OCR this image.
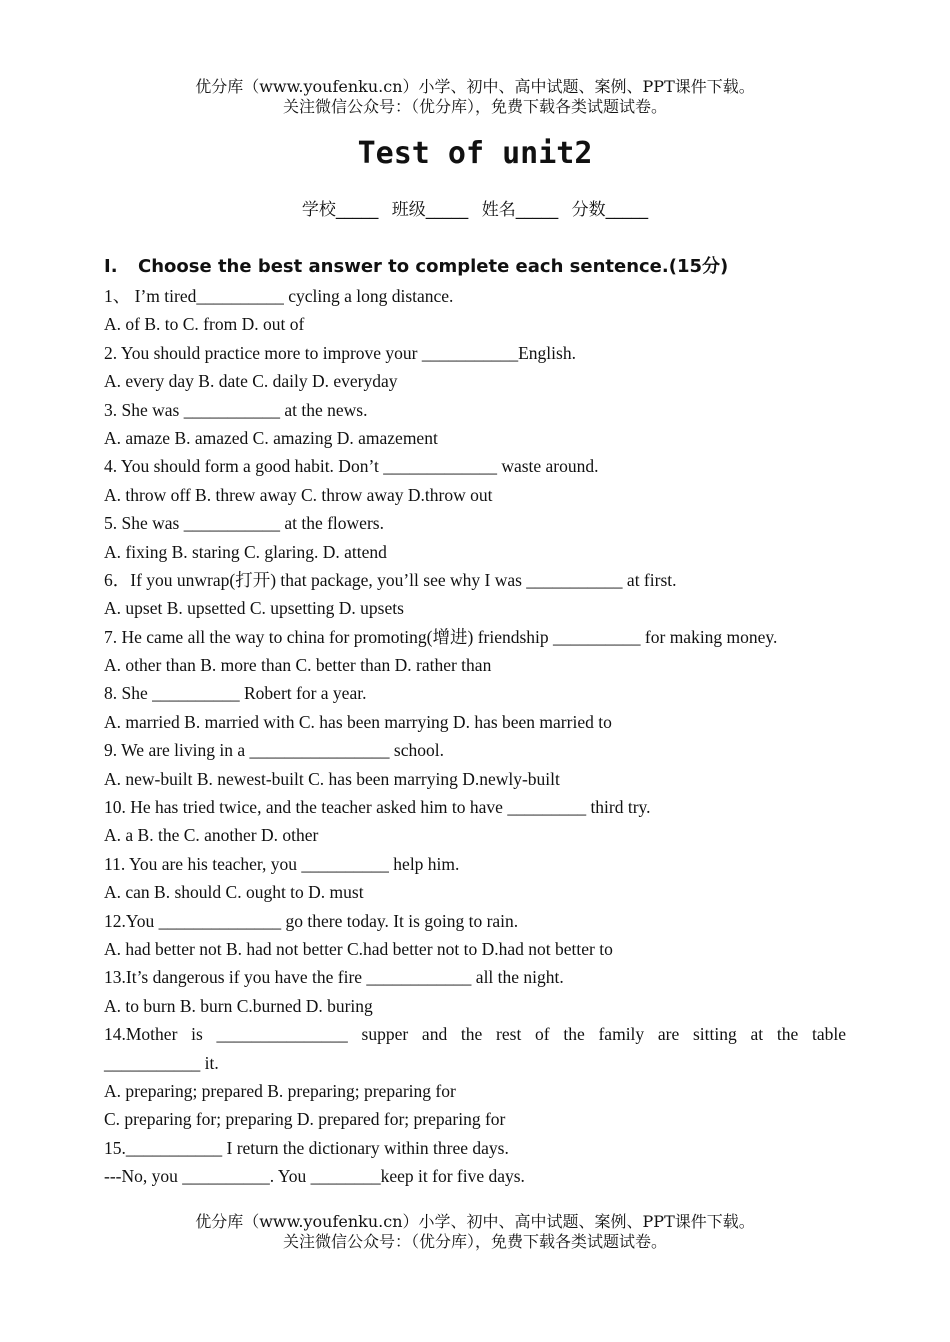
优分库（www.youfenku.cn）小学、初中、高中试题、案例、PPT课件下载。
关注微信公众号：（优分库），免费下载各类试题试卷。
Test of unit2
学校_____ 班级_____ 姓名_____ 分数_____
I. Choose the best answer to complete each sentence.(15分)
1、 I’m tired__________ cycling a long distance.
A. of B. to C. from D. out of
2. You should practice more to improve your ___________English.
A. every day B. date C. daily D. everyday
3. She was ___________ at the news.
A. amaze B. amazed C. amazing D. amazement
4. You should form a good habit. Don’t _____________ waste around.
A. throw off B. threw away C. throw away D.throw out
5. She was ___________ at the flowers.
A. fixing B. staring C. glaring. D. attend
6．If you unwrap(打开) that package, you’ll see why I was ___________ at first.
A. upset B. upsetted C. upsetting D. upsets
7. He came all the way to china for promoting(增进) friendship __________ for making money.
A. other than B. more than C. better than D. rather than
8. She __________ Robert for a year.
A. married B. married with C. has been marrying D. has been married to
9. We are living in a ________________ school.
A. new-built B. newest-built C. has been marrying D.newly-built
10. He has tried twice, and the teacher asked him to have _________ third try.
A. a B. the C. another D. other
11. You are his teacher, you __________ help him.
A. can B. should C. ought to D. must
12.You ______________ go there today. It is going to rain.
A. had better not B. had not better C.had better not to D.had not better to
13.It’s dangerous if you have the fire ____________ all the night.
A. to burn B. burn C.burned D. buring
14.Mother is _______________ supper and the rest of the family are sitting at the table
___________ it.
A. preparing; prepared B. preparing; preparing for
C. preparing for; preparing D. prepared for; preparing for
15.___________ I return the dictionary within three days.
---No, you __________. You ________keep it for five days.
优分库（www.youfenku.cn）小学、初中、高中试题、案例、PPT课件下载。
关注微信公众号：（优分库），免费下载各类试题试卷。
